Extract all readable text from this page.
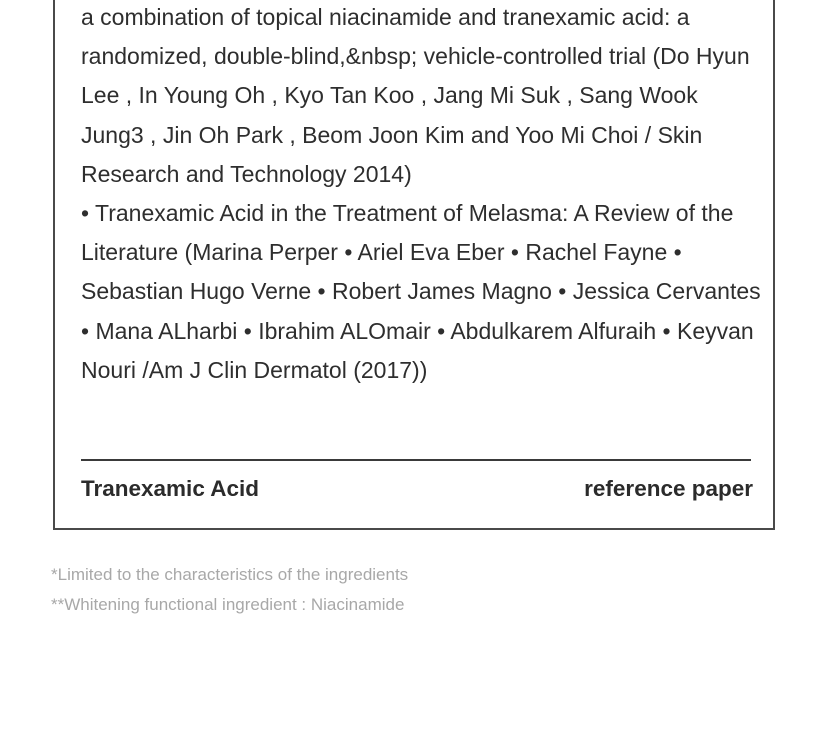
a combination of topical niacinamide and tranexamic acid: a randomized, double-blind,&nbsp; vehicle-controlled trial (Do Hyun Lee , In Young Oh , Kyo Tan Koo , Jang Mi Suk , Sang Wook Jung3 , Jin Oh Park , Beom Joon Kim and Yoo Mi Choi / Skin Research and Technology 2014)

• Tranexamic Acid in the Treatment of Melasma: A Review of the Literature (Marina Perper • Ariel Eva Eber • Rachel Fayne • Sebastian Hugo Verne • Robert James Magno • Jessica Cervantes • Mana ALharbi • Ibrahim ALOmair • Abdulkarem Alfuraih • Keyvan Nouri /Am J Clin Dermatol (2017))

Tranexamic Acid	reference paper

*Limited to the characteristics of the ingredients

**Whitening functional ingredient : Niacinamide
